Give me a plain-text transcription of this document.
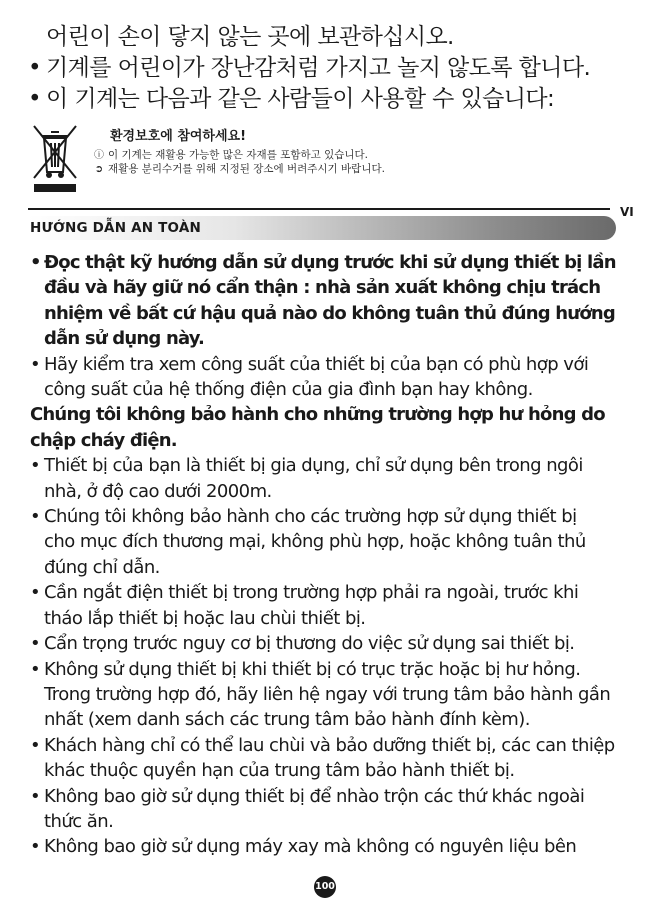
어린이 손이 닿지 않는 곳에 보관하십시오.
• 기계를 어린이가 장난감처럼 가지고 놀지 않도록 합니다.
• 이 기계는 다음과 같은 사람들이 사용할 수 있습니다:
환경보호에 참여하세요!
ⓘ 이 기계는 재활용 가능한 많은 자재를 포함하고 있습니다.
➲ 재활용 분리수거를 위해 지정된 장소에 버려주시기 바랍니다.
VI
HƯỚNG DẪN AN TOÀN
• Đọc thật kỹ hướng dẫn sử dụng trước khi sử dụng thiết bị lần
đầu và hãy giữ nó cẩn thận : nhà sản xuất không chịu trách
nhiệm về bất cứ hậu quả nào do không tuân thủ đúng hướng
dẫn sử dụng này.
• Hãy kiểm tra xem công suất của thiết bị của bạn có phù hợp với
công suất của hệ thống điện của gia đình bạn hay không.
Chúng tôi không bảo hành cho những trường hợp hư hỏng do
chập cháy điện.
• Thiết bị của bạn là thiết bị gia dụng, chỉ sử dụng bên trong ngôi
nhà, ở độ cao dưới 2000m.
• Chúng tôi không bảo hành cho các trường hợp sử dụng thiết bị
cho mục đích thương mại, không phù hợp, hoặc không tuân thủ
đúng chỉ dẫn.
• Cần ngắt điện thiết bị trong trường hợp phải ra ngoài, trước khi
tháo lắp thiết bị hoặc lau chùi thiết bị.
• Cẩn trọng trước nguy cơ bị thương do việc sử dụng sai thiết bị.
• Không sử dụng thiết bị khi thiết bị có trục trặc hoặc bị hư hỏng.
Trong trường hợp đó, hãy liên hệ ngay với trung tâm bảo hành gần
nhất (xem danh sách các trung tâm bảo hành đính kèm).
• Khách hàng chỉ có thể lau chùi và bảo dưỡng thiết bị, các can thiệp
khác thuộc quyền hạn của trung tâm bảo hành thiết bị.
• Không bao giờ sử dụng thiết bị để nhào trộn các thứ khác ngoài
thức ăn.
• Không bao giờ sử dụng máy xay mà không có nguyên liệu bên
100
